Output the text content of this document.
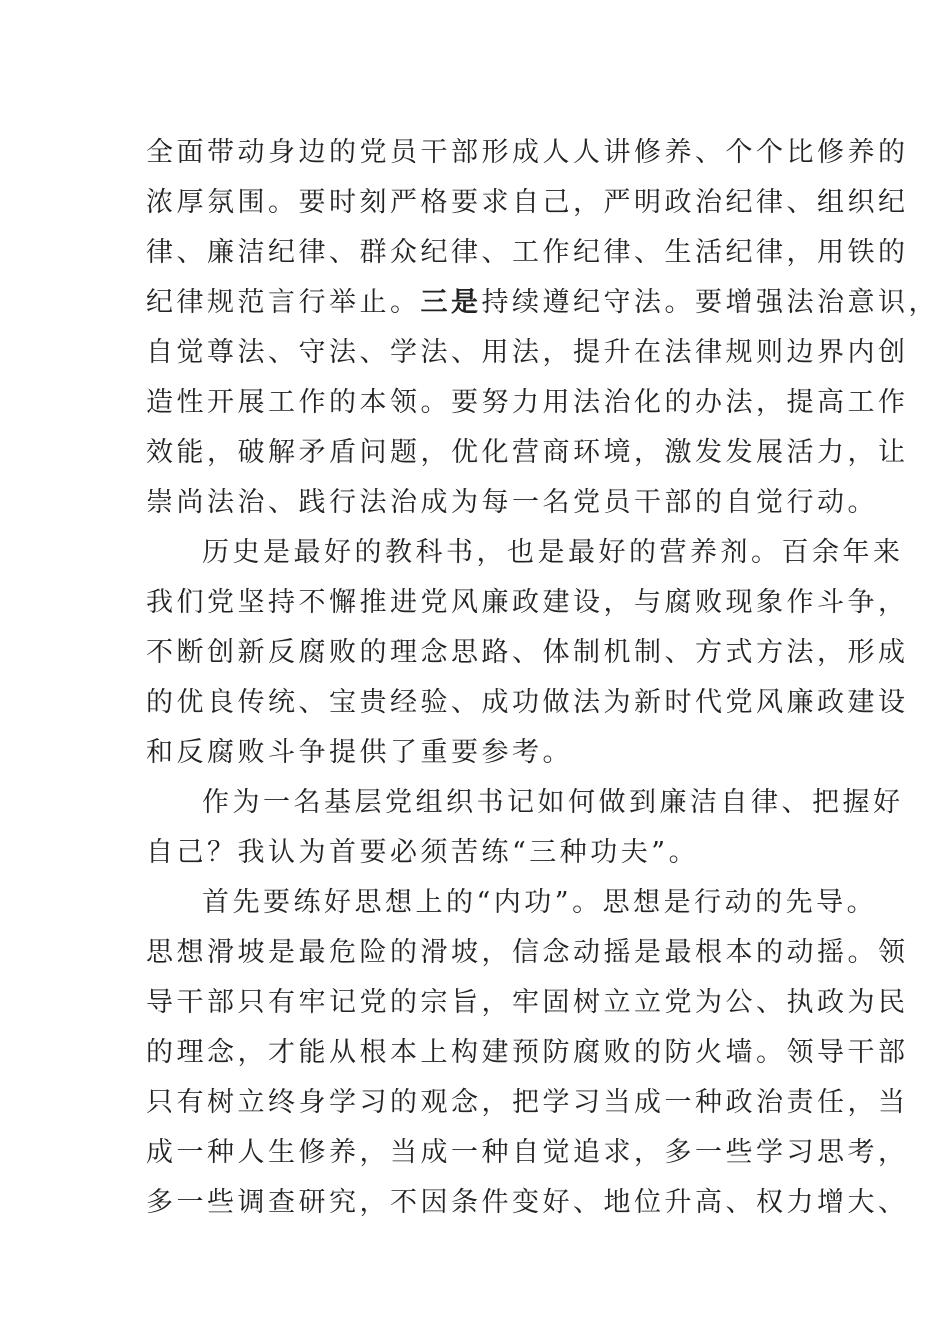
全面带动身边的党员干部形成人人讲修养、个个比修养的
浓厚氛围。要时刻严格要求自己，严明政治纪律、组织纪
律、廉洁纪律、群众纪律、工作纪律、生活纪律，用铁的
纪律规范言行举止。三是持续遵纪守法。要增强法治意识，
自觉尊法、守法、学法、用法，提升在法律规则边界内创
造性开展工作的本领。要努力用法治化的办法，提高工作
效能，破解矛盾问题，优化营商环境，激发发展活力，让
崇尚法治、践行法治成为每一名党员干部的自觉行动。
历史是最好的教科书，也是最好的营养剂。百余年来
我们党坚持不懈推进党风廉政建设，与腐败现象作斗争，
不断创新反腐败的理念思路、体制机制、方式方法，形成
的优良传统、宝贵经验、成功做法为新时代党风廉政建设
和反腐败斗争提供了重要参考。
作为一名基层党组织书记如何做到廉洁自律、把握好
自己？我认为首要必须苦练“三种功夫”。
首先要练好思想上的“内功”。思想是行动的先导。
思想滑坡是最危险的滑坡，信念动摇是最根本的动摇。领
导干部只有牢记党的宗旨，牢固树立立党为公、执政为民
的理念，才能从根本上构建预防腐败的防火墙。领导干部
只有树立终身学习的观念，把学习当成一种政治责任，当
成一种人生修养，当成一种自觉追求，多一些学习思考，
多一些调查研究，不因条件变好、地位升高、权力增大、
